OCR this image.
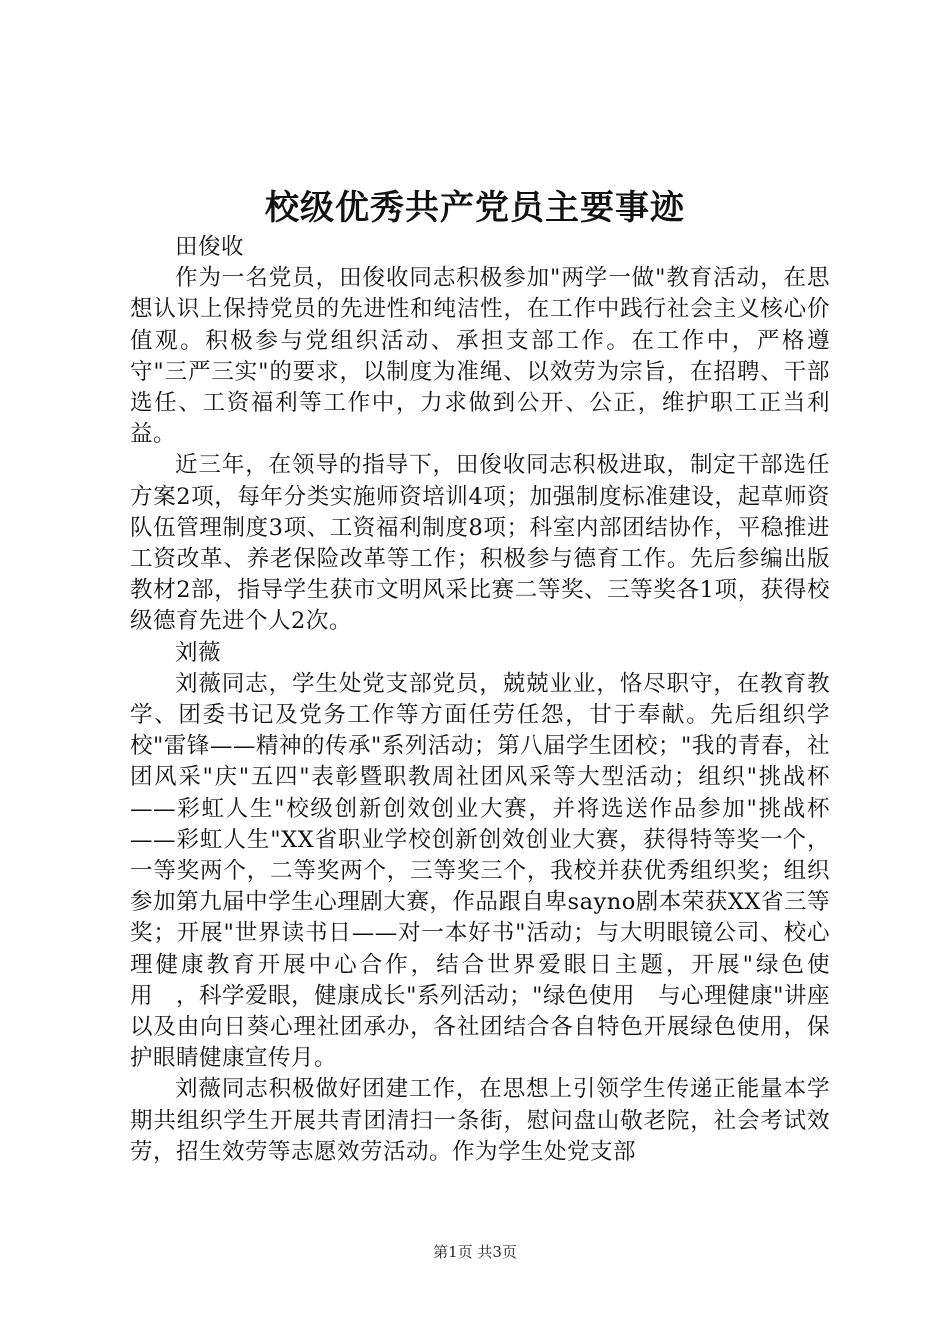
校级优秀共产党员主要事迹

田俊收

作为一名党员，田俊收同志积极参加"两学一做"教育活动，在思想认识上保持党员的先进性和纯洁性，在工作中践行社会主义核心价值观。积极参与党组织活动、承担支部工作。在工作中，严格遵守"三严三实"的要求，以制度为准绳、以效劳为宗旨，在招聘、干部选任、工资福利等工作中，力求做到公开、公正，维护职工正当利益。

近三年，在领导的指导下，田俊收同志积极进取，制定干部选任方案2项，每年分类实施师资培训4项；加强制度标准建设，起草师资队伍管理制度3项、工资福利制度8项；科室内部团结协作，平稳推进工资改革、养老保险改革等工作；积极参与德育工作。先后参编出版教材2部，指导学生获市文明风采比赛二等奖、三等奖各1项，获得校级德育先进个人2次。

刘薇

刘薇同志，学生处党支部党员，兢兢业业，恪尽职守，在教育教学、团委书记及党务工作等方面任劳任怨，甘于奉献。先后组织学校"雷锋——精神的传承"系列活动；第八届学生团校；"我的青春，社团风采"庆"五四"表彰暨职教周社团风采等大型活动；组织"挑战杯——彩虹人生"校级创新创效创业大赛，并将选送作品参加"挑战杯——彩虹人生"XX省职业学校创新创效创业大赛，获得特等奖一个，一等奖两个，二等奖两个，三等奖三个，我校并获优秀组织奖；组织参加第九届中学生心理剧大赛，作品跟自卑sayno剧本荣获XX省三等奖；开展"世界读书日——对一本好书"活动；与大明眼镜公司、校心理健康教育开展中心合作，结合世界爱眼日主题，开展"绿色使用　，科学爱眼，健康成长"系列活动；"绿色使用　与心理健康"讲座以及由向日葵心理社团承办，各社团结合各自特色开展绿色使用，保护眼睛健康宣传月。

刘薇同志积极做好团建工作，在思想上引领学生传递正能量本学期共组织学生开展共青团清扫一条街，慰问盘山敬老院，社会考试效劳，招生效劳等志愿效劳活动。作为学生处党支部

第1页 共3页
